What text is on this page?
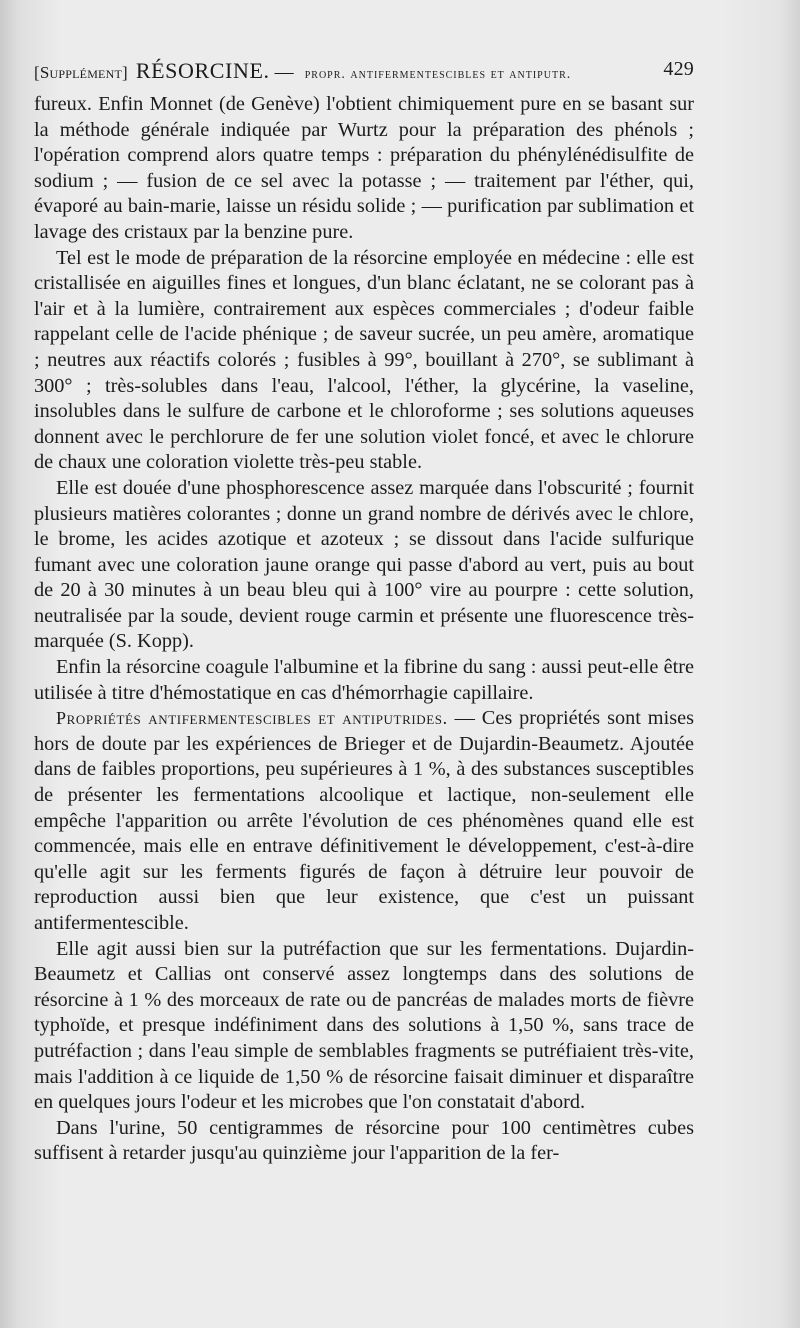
[Supplément] RÉSORCINE. — propr. antifermentescibles et antiputr.	429

fureux. Enfin Monnet (de Genève) l'obtient chimiquement pure en se basant sur la méthode générale indiquée par Wurtz pour la préparation des phénols ; l'opération comprend alors quatre temps : préparation du phénylénédisulfite de sodium ; — fusion de ce sel avec la potasse ; — traitement par l'éther, qui, évaporé au bain-marie, laisse un résidu solide ; — purification par sublimation et lavage des cristaux par la benzine pure.

Tel est le mode de préparation de la résorcine employée en médecine : elle est cristallisée en aiguilles fines et longues, d'un blanc éclatant, ne se colorant pas à l'air et à la lumière, contrairement aux espèces commerciales ; d'odeur faible rappelant celle de l'acide phénique ; de saveur sucrée, un peu amère, aromatique ; neutres aux réactifs colorés ; fusibles à 99°, bouillant à 270°, se sublimant à 300° ; très-solubles dans l'eau, l'alcool, l'éther, la glycérine, la vaseline, insolubles dans le sulfure de carbone et le chloroforme ; ses solutions aqueuses donnent avec le perchlorure de fer une solution violet foncé, et avec le chlorure de chaux une coloration violette très-peu stable.

Elle est douée d'une phosphorescence assez marquée dans l'obscurité ; fournit plusieurs matières colorantes ; donne un grand nombre de dérivés avec le chlore, le brome, les acides azotique et azoteux ; se dissout dans l'acide sulfurique fumant avec une coloration jaune orange qui passe d'abord au vert, puis au bout de 20 à 30 minutes à un beau bleu qui à 100° vire au pourpre : cette solution, neutralisée par la soude, devient rouge carmin et présente une fluorescence très-marquée (S. Kopp).

Enfin la résorcine coagule l'albumine et la fibrine du sang : aussi peut-elle être utilisée à titre d'hémostatique en cas d'hémorrhagie capillaire.

Propriétés antifermentescibles et antiputrides. — Ces propriétés sont mises hors de doute par les expériences de Brieger et de Dujardin-Beaumetz. Ajoutée dans de faibles proportions, peu supérieures à 1 %, à des substances susceptibles de présenter les fermentations alcoolique et lactique, non-seulement elle empêche l'apparition ou arrête l'évolution de ces phénomènes quand elle est commencée, mais elle en entrave définitivement le développement, c'est-à-dire qu'elle agit sur les ferments figurés de façon à détruire leur pouvoir de reproduction aussi bien que leur existence, que c'est un puissant antifermentescible.

Elle agit aussi bien sur la putréfaction que sur les fermentations. Dujardin-Beaumetz et Callias ont conservé assez longtemps dans des solutions de résorcine à 1 % des morceaux de rate ou de pancréas de malades morts de fièvre typhoïde, et presque indéfiniment dans des solutions à 1,50 %, sans trace de putréfaction ; dans l'eau simple de semblables fragments se putréfiaient très-vite, mais l'addition à ce liquide de 1,50 % de résorcine faisait diminuer et disparaître en quelques jours l'odeur et les microbes que l'on constatait d'abord.

Dans l'urine, 50 centigrammes de résorcine pour 100 centimètres cubes suffisent à retarder jusqu'au quinzième jour l'apparition de la fer-
